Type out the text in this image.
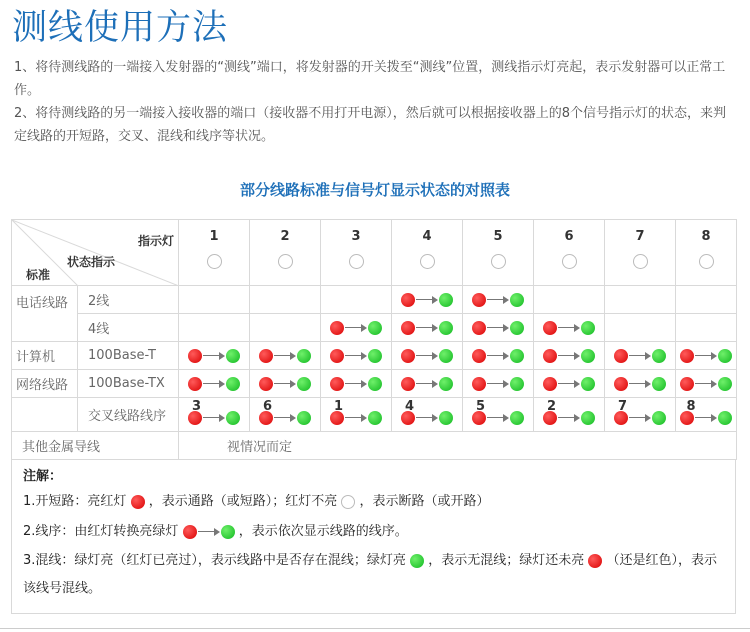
测线使用方法

1、将待测线路的一端接入发射器的“测线”端口，将发射器的开关拨至“测线”位置，测线指示灯亮起，表示发射器可以正常工作。

2、将待测线路的另一端接入接收器的端口（接收器不用打开电源），然后就可以根据接收器上的8个信号指示灯的状态，来判定线路的开短路，交叉、混线和线序等状况。

部分线路标准与信号灯显示状态的对照表
指示灯
状态指示
标准		1	2	3	4	5	6	7	8

电话线路	2线								
	4线								
计算机	100Base-T								
网络线路	100Base-TX								
	交叉线路线序	3	6	1	4	5	2	7	8

其他金属导线		视情况而定							
注解：
1.开短路：亮红灯 ，表示通路（或短路）；红灯不亮 ，表示断路（或开路）
2.线序：由红灯转换亮绿灯	，表示依次显示线路的线序。
3.混线：绿灯亮（红灯已亮过），表示线路中是否存在混线；绿灯亮 ，表示无混线；绿灯还未亮 （还是红色），表示该线号混线。
